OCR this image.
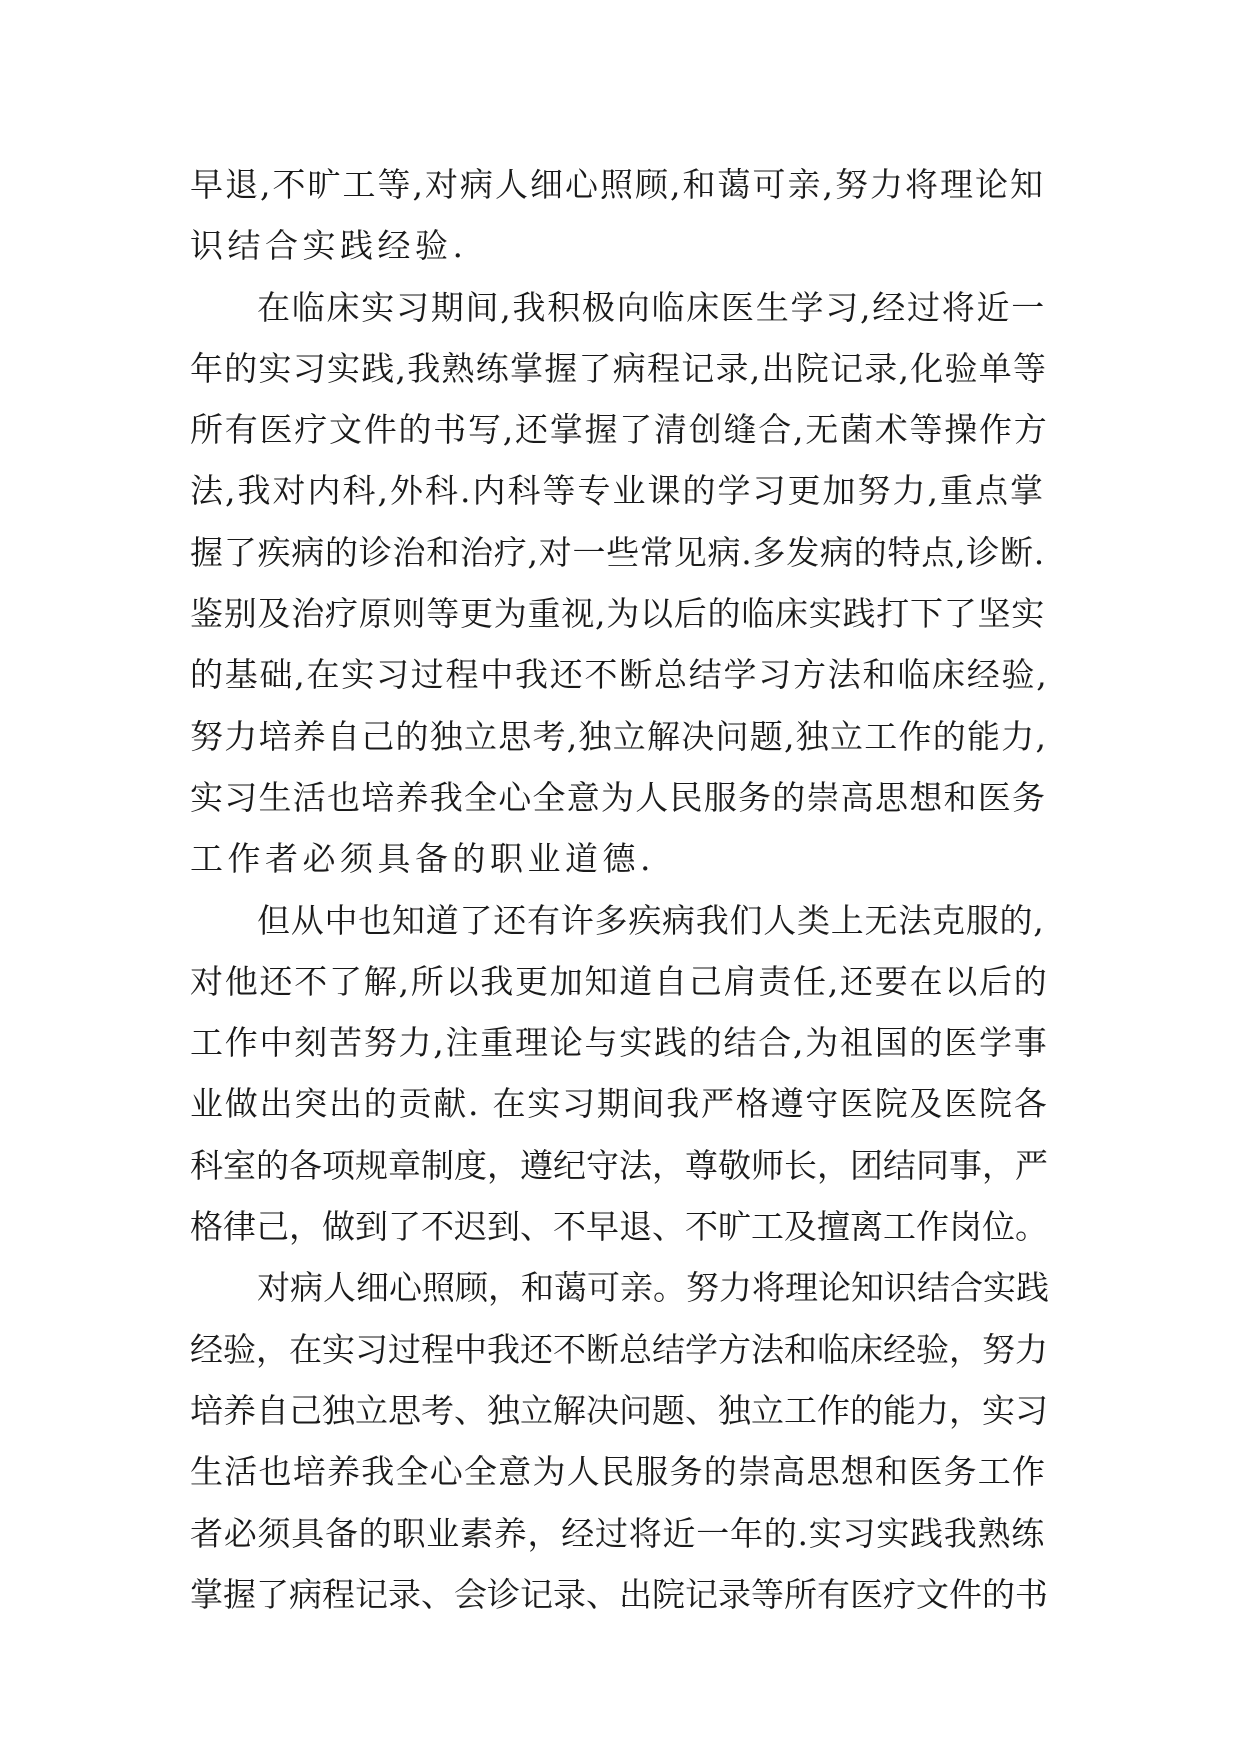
早退,不旷工等,对病人细心照顾,和蔼可亲,努力将理论知
识结合实践经验.
在临床实习期间,我积极向临床医生学习,经过将近一
年的实习实践,我熟练掌握了病程记录,出院记录,化验单等
所有医疗文件的书写,还掌握了清创缝合,无菌术等操作方
法,我对内科,外科.内科等专业课的学习更加努力,重点掌
握了疾病的诊治和治疗,对一些常见病.多发病的特点,诊断.
鉴别及治疗原则等更为重视,为以后的临床实践打下了坚实
的基础,在实习过程中我还不断总结学习方法和临床经验,
努力培养自己的独立思考,独立解决问题,独立工作的能力,
实习生活也培养我全心全意为人民服务的崇高思想和医务
工作者必须具备的职业道德.
但从中也知道了还有许多疾病我们人类上无法克服的,
对他还不了解,所以我更加知道自己肩责任,还要在以后的
工作中刻苦努力,注重理论与实践的结合,为祖国的医学事
业做出突出的贡献. 在实习期间我严格遵守医院及医院各
科室的各项规章制度，遵纪守法，尊敬师长，团结同事，严
格律己，做到了不迟到、不早退、不旷工及擅离工作岗位。
对病人细心照顾，和蔼可亲。努力将理论知识结合实践
经验，在实习过程中我还不断总结学方法和临床经验，努力
培养自己独立思考、独立解决问题、独立工作的能力，实习
生活也培养我全心全意为人民服务的崇高思想和医务工作
者必须具备的职业素养，经过将近一年的.实习实践我熟练
掌握了病程记录、会诊记录、出院记录等所有医疗文件的书
